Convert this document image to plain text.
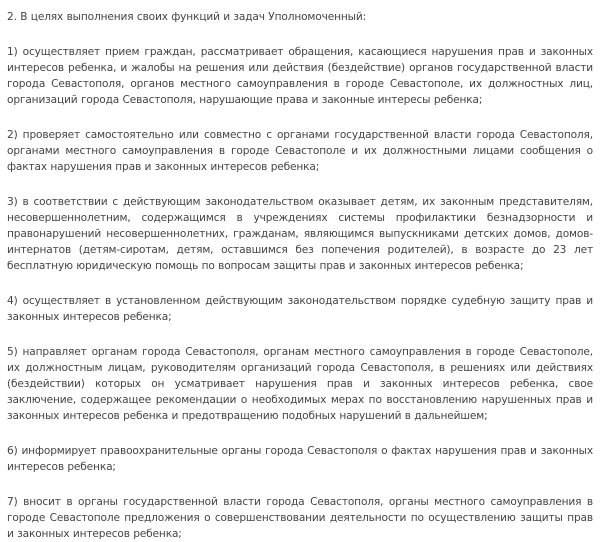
2. В целях выполнения своих функций и задач Уполномоченный:

1) осуществляет прием граждан, рассматривает обращения, касающиеся нарушения прав и законных интересов ребенка, и жалобы на решения или действия (бездействие) органов государственной власти города Севастополя, органов местного самоуправления в городе Севастополе, их должностных лиц, организаций города Севастополя, нарушающие права и законные интересы ребенка;

2) проверяет самостоятельно или совместно с органами государственной власти города Севастополя, органами местного самоуправления в городе Севастополе и их должностными лицами сообщения о фактах нарушения прав и законных интересов ребенка;

3) в соответствии с действующим законодательством оказывает детям, их законным представителям, несовершеннолетним, содержащимся в учреждениях системы профилактики безнадзорности и правонарушений несовершеннолетних, гражданам, являющимся выпускниками детских домов, домов-интернатов (детям-сиротам, детям, оставшимся без попечения родителей), в возрасте до 23 лет бесплатную юридическую помощь по вопросам защиты прав и законных интересов ребенка;

4) осуществляет в установленном действующим законодательством порядке судебную защиту прав и законных интересов ребенка;

5) направляет органам города Севастополя, органам местного самоуправления в городе Севастополе, их должностным лицам, руководителям организаций города Севастополя, в решениях или действиях (бездействии) которых он усматривает нарушения прав и законных интересов ребенка, свое заключение, содержащее рекомендации о необходимых мерах по восстановлению нарушенных прав и законных интересов ребенка и предотвращению подобных нарушений в дальнейшем;

6) информирует правоохранительные органы города Севастополя о фактах нарушения прав и законных интересов ребенка;

7) вносит в органы государственной власти города Севастополя, органы местного самоуправления в городе Севастополе предложения о совершенствовании деятельности по осуществлению защиты прав и законных интересов ребенка;
